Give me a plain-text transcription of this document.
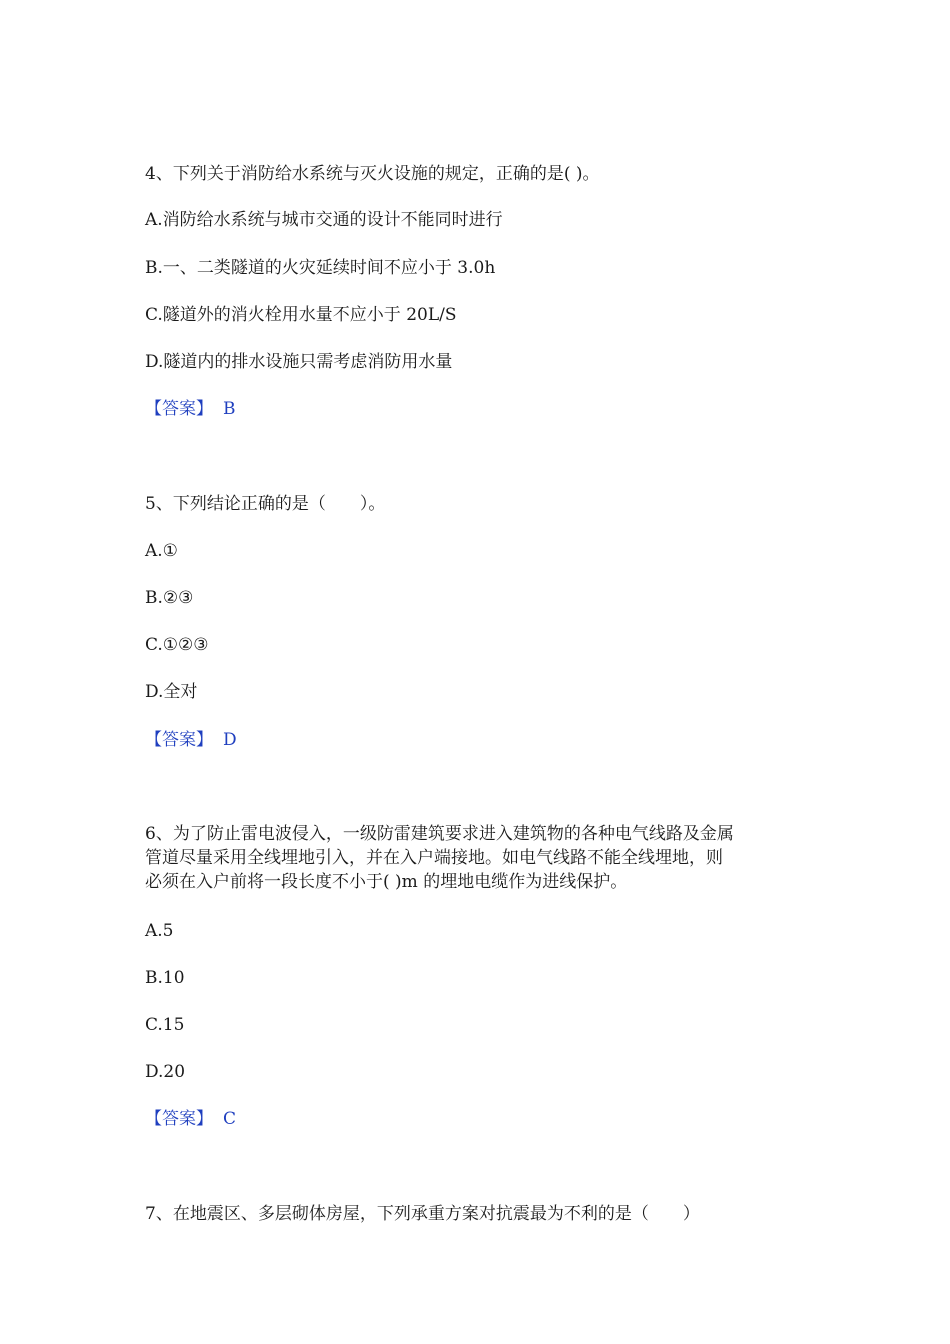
4、下列关于消防给水系统与灭火设施的规定，正确的是( )。
A.消防给水系统与城市交通的设计不能同时进行
B.一、二类隧道的火灾延续时间不应小于 3.0h
C.隧道外的消火栓用水量不应小于 20L/S
D.隧道内的排水设施只需考虑消防用水量
【答案】 B
5、下列结论正确的是（　　）。
A.①
B.②③
C.①②③
D.全对
【答案】 D
6、为了防止雷电波侵入，一级防雷建筑要求进入建筑物的各种电气线路及金属
管道尽量采用全线埋地引入，并在入户端接地。如电气线路不能全线埋地，则
必须在入户前将一段长度不小于( )m 的埋地电缆作为进线保护。
A.5
B.10
C.15
D.20
【答案】 C
7、在地震区、多层砌体房屋，下列承重方案对抗震最为不利的是（　　）
